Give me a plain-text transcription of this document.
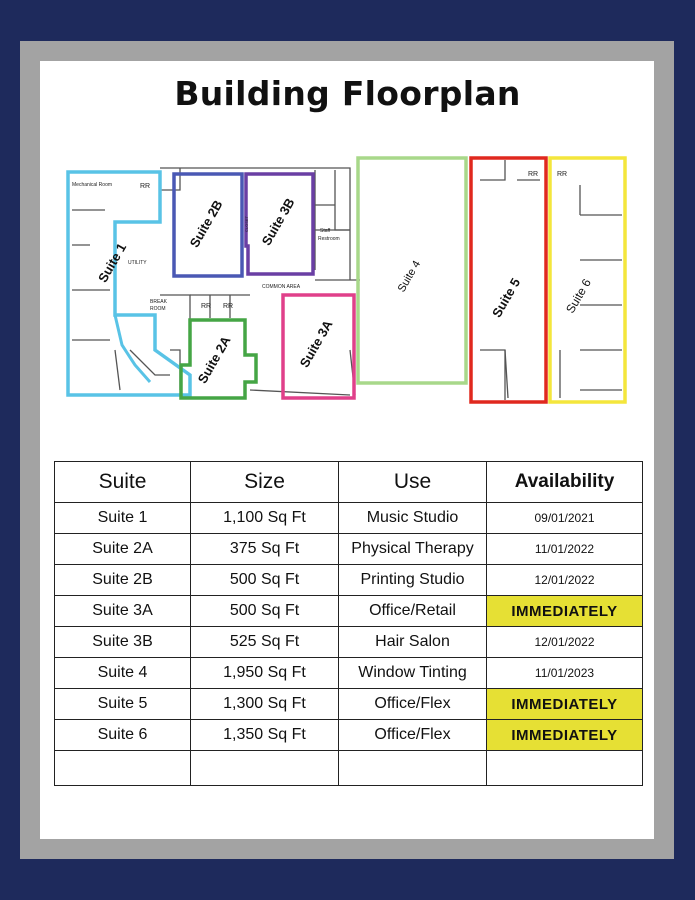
Building Floorplan
Suite 1
Suite 2B	Suite 3B
Suite 2A	Suite 3A
Suite 4	Suite 5	Suite 6
Mechanical Room	RR
UTILITY
BREAK
ROOM	RR RR
COMMON AREA
Staff
Restroom
CLOSET
RR	RR
Suite	Size	Use	Availability
Suite 1	1,100 Sq Ft	Music Studio	09/01/2021
Suite 2A	375 Sq Ft	Physical Therapy	11/01/2022
Suite 2B	500 Sq Ft	Printing Studio	12/01/2022
Suite 3A	500 Sq Ft	Office/Retail	IMMEDIATELY
Suite 3B	525 Sq Ft	Hair Salon	12/01/2022
Suite 4	1,950 Sq Ft	Window Tinting	11/01/2023
Suite 5	1,300 Sq Ft	Office/Flex	IMMEDIATELY
Suite 6	1,350 Sq Ft	Office/Flex	IMMEDIATELY
